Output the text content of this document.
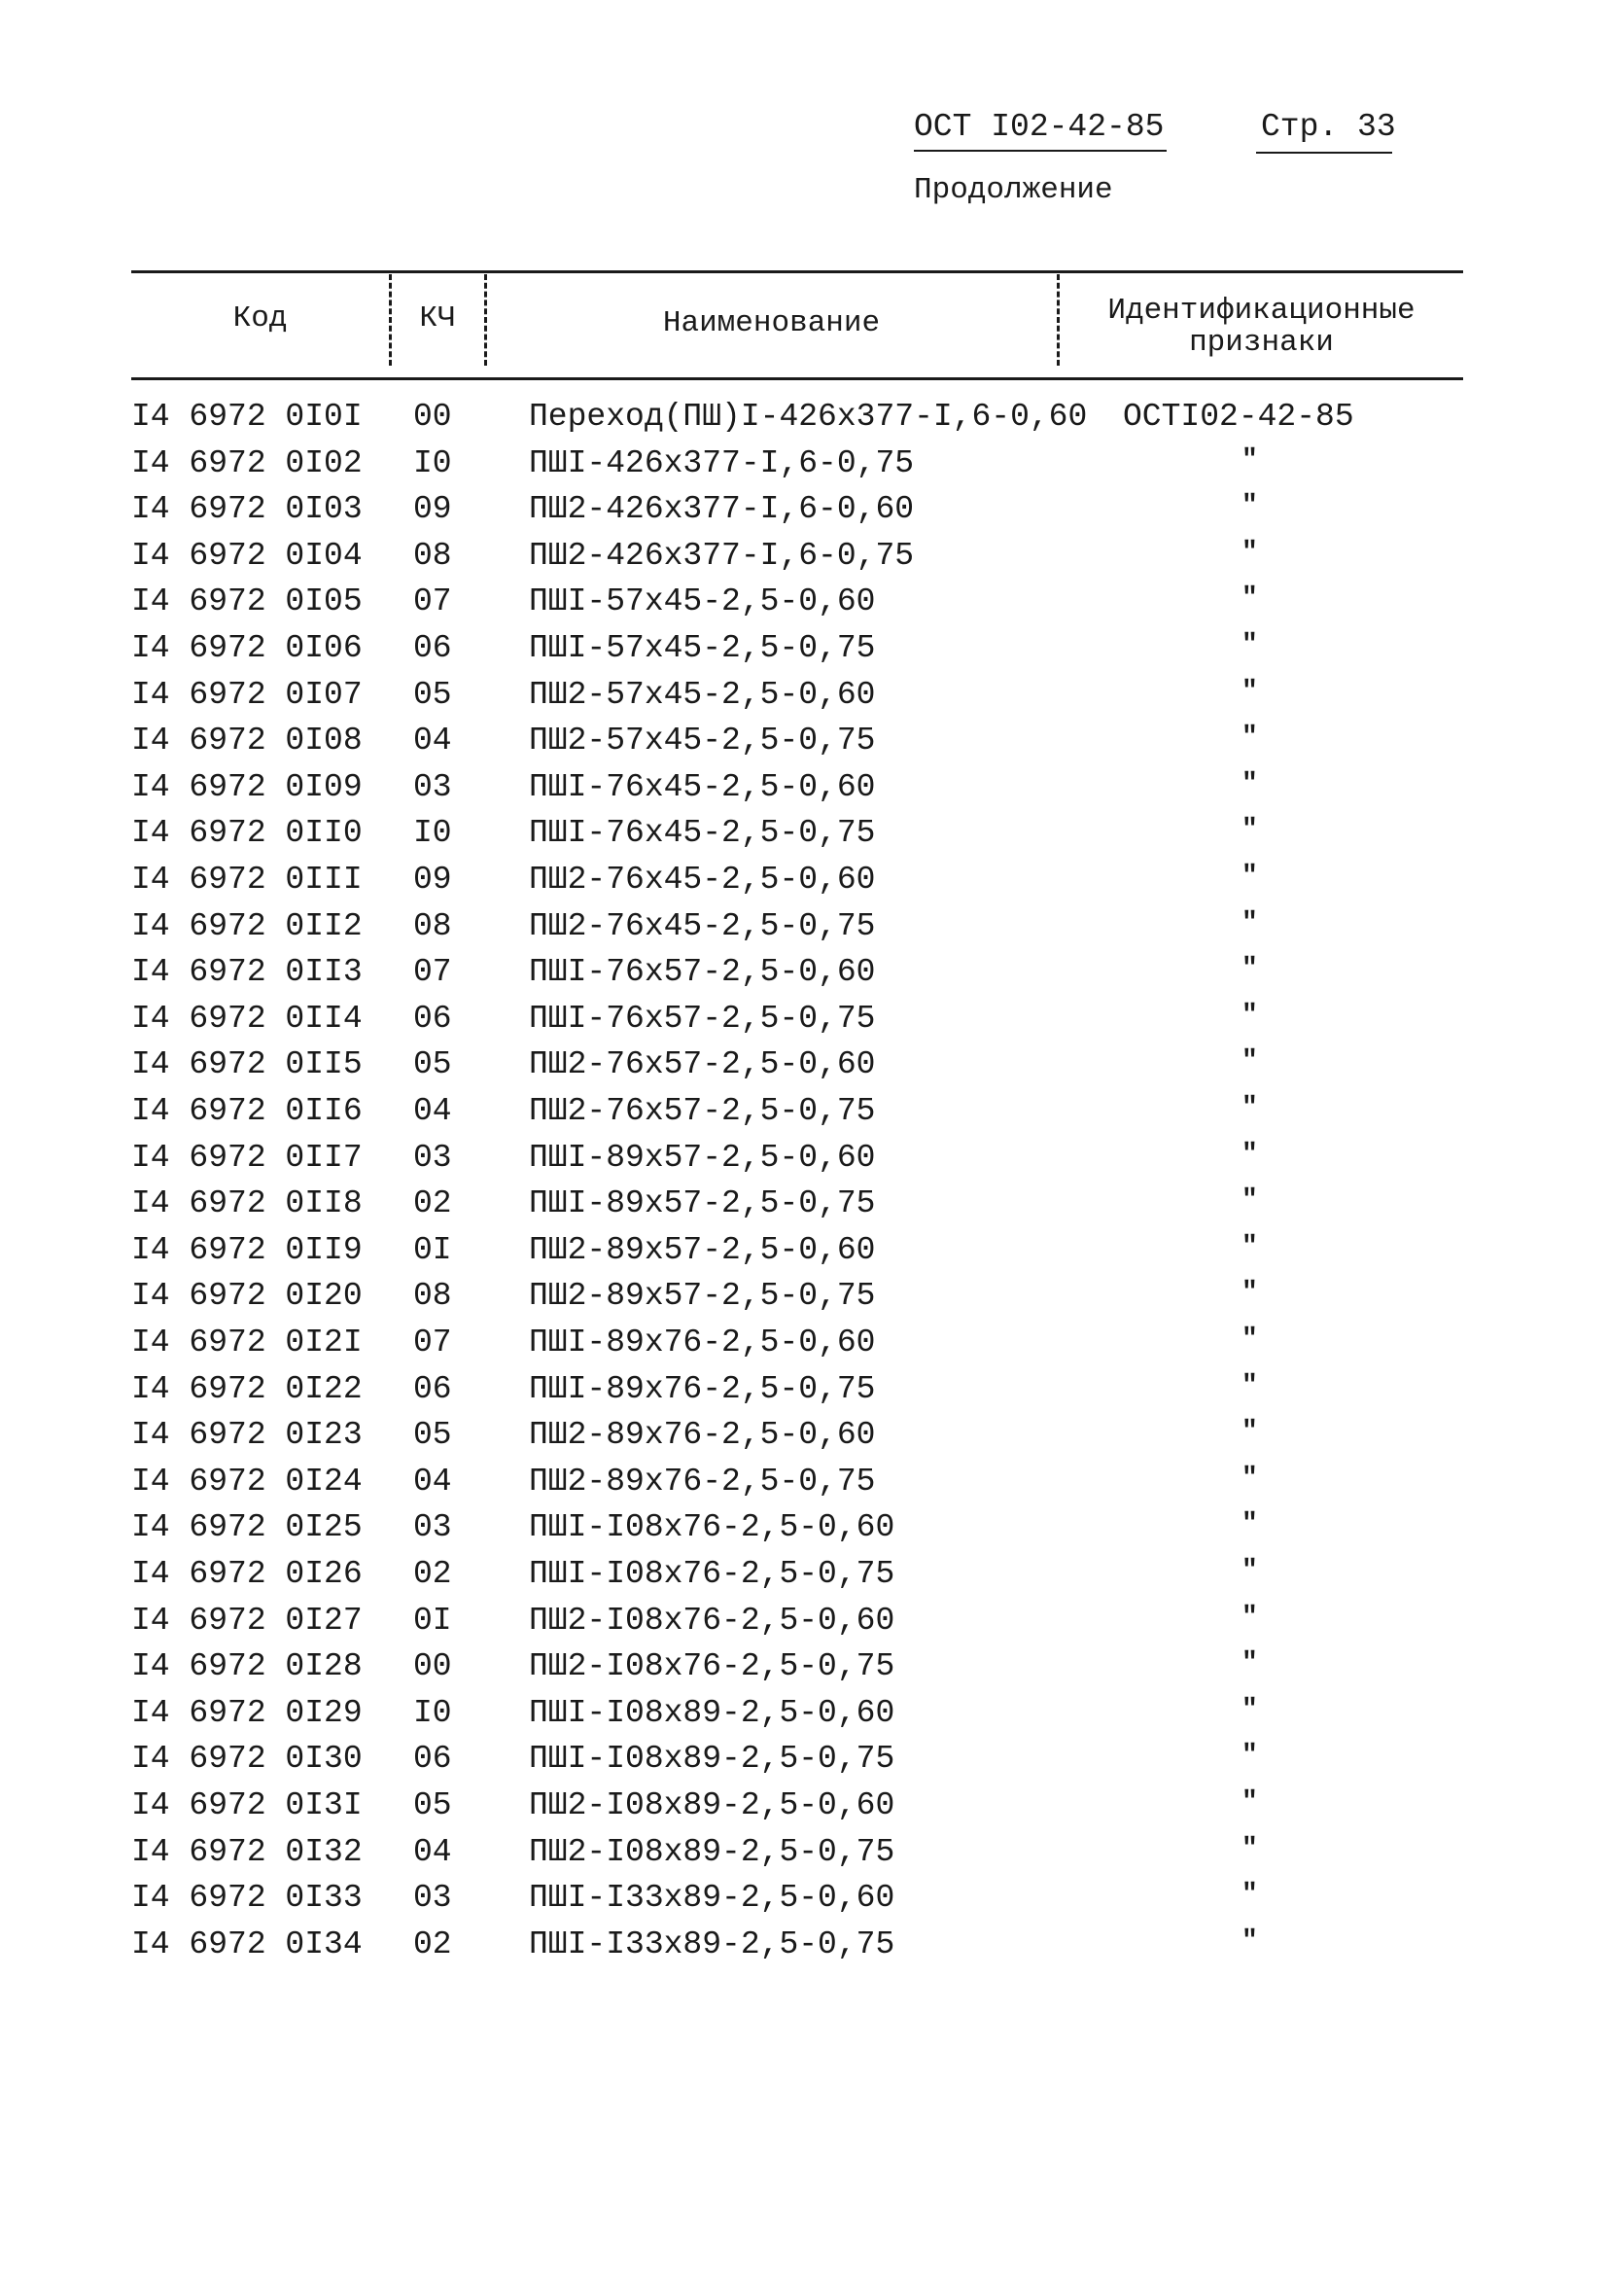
ОСТ I02-42-85	Стр. 33
Продолжение
Код	КЧ	Наименование	Идентификационные
признаки
I4 6972 0I0I 00 Переход(ПШ)I-426x377-I,6-0,60 ОСТI02-42-85
I4 6972 0I02 I0 ПШI-426x377-I,6-0,75	"
I4 6972 0I03 09 ПШ2-426x377-I,6-0,60	"
I4 6972 0I04 08 ПШ2-426x377-I,6-0,75	"
I4 6972 0I05 07 ПШI-57x45-2,5-0,60	"
I4 6972 0I06 06 ПШI-57x45-2,5-0,75	"
I4 6972 0I07 05 ПШ2-57x45-2,5-0,60	"
I4 6972 0I08 04 ПШ2-57x45-2,5-0,75	"
I4 6972 0I09 03 ПШI-76x45-2,5-0,60	"
I4 6972 0II0 I0 ПШI-76x45-2,5-0,75	"
I4 6972 0III 09 ПШ2-76x45-2,5-0,60	"
I4 6972 0II2 08 ПШ2-76x45-2,5-0,75	"
I4 6972 0II3 07 ПШI-76x57-2,5-0,60	"
I4 6972 0II4 06 ПШI-76x57-2,5-0,75	"
I4 6972 0II5 05 ПШ2-76x57-2,5-0,60	"
I4 6972 0II6 04 ПШ2-76x57-2,5-0,75	"
I4 6972 0II7 03 ПШI-89x57-2,5-0,60	"
I4 6972 0II8 02 ПШI-89x57-2,5-0,75	"
I4 6972 0II9 0I ПШ2-89x57-2,5-0,60	"
I4 6972 0I20 08 ПШ2-89x57-2,5-0,75	"
I4 6972 0I2I 07 ПШI-89x76-2,5-0,60	"
I4 6972 0I22 06 ПШI-89x76-2,5-0,75	"
I4 6972 0I23 05 ПШ2-89x76-2,5-0,60	"
I4 6972 0I24 04 ПШ2-89x76-2,5-0,75	"
I4 6972 0I25 03 ПШI-I08x76-2,5-0,60	"
I4 6972 0I26 02 ПШI-I08x76-2,5-0,75	"
I4 6972 0I27 0I ПШ2-I08x76-2,5-0,60	"
I4 6972 0I28 00 ПШ2-I08x76-2,5-0,75	"
I4 6972 0I29 I0 ПШI-I08x89-2,5-0,60	"
I4 6972 0I30 06 ПШI-I08x89-2,5-0,75	"
I4 6972 0I3I 05 ПШ2-I08x89-2,5-0,60	"
I4 6972 0I32 04 ПШ2-I08x89-2,5-0,75	"
I4 6972 0I33 03 ПШI-I33x89-2,5-0,60	"
I4 6972 0I34 02 ПШI-I33x89-2,5-0,75	"
